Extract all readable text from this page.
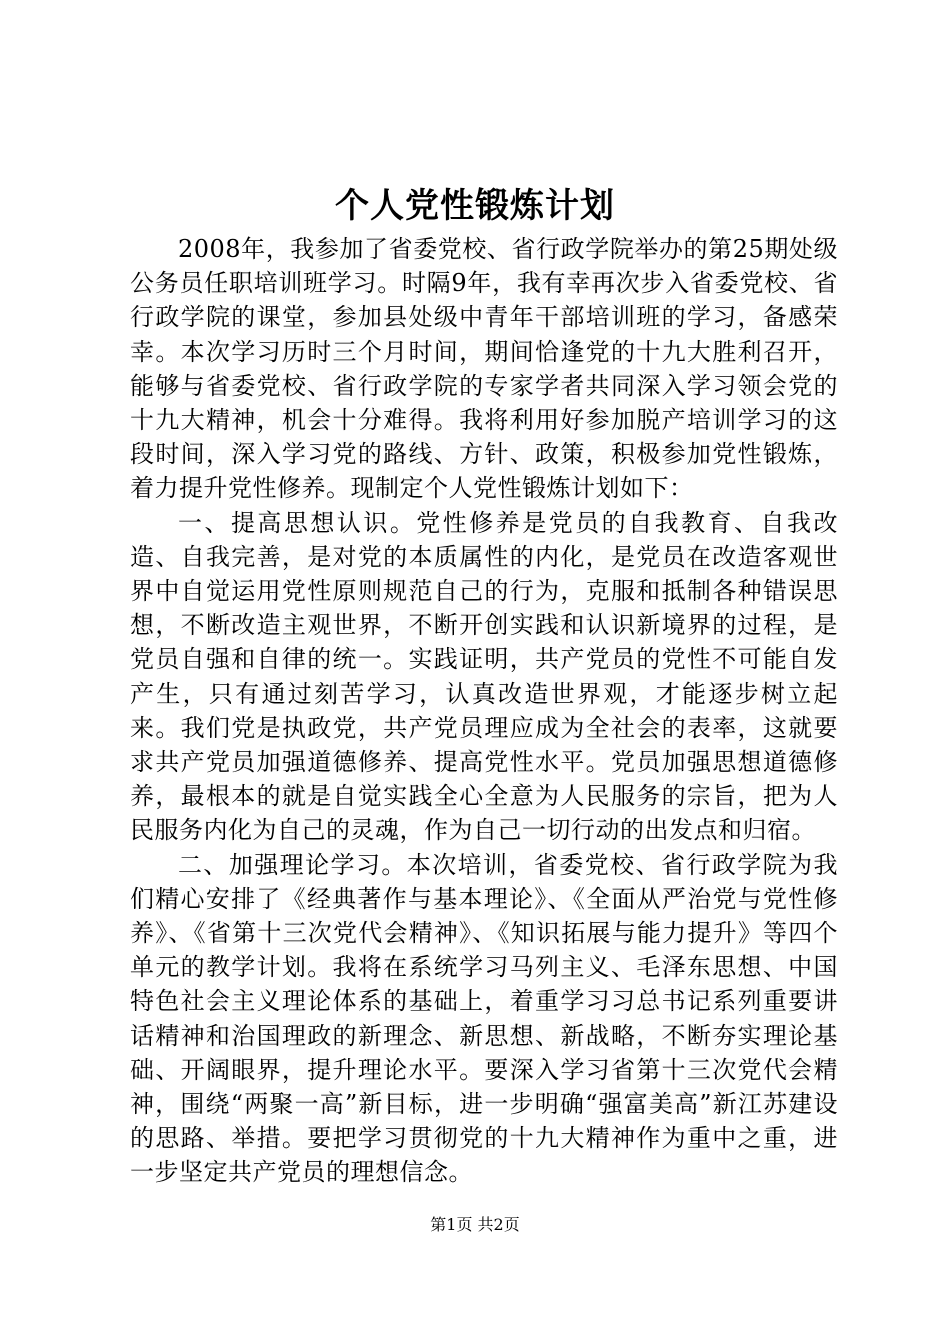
个人党性锻炼计划

2008年，我参加了省委党校、省行政学院举办的第25期处级公务员任职培训班学习。时隔9年，我有幸再次步入省委党校、省行政学院的课堂，参加县处级中青年干部培训班的学习，备感荣幸。本次学习历时三个月时间，期间恰逢党的十九大胜利召开，能够与省委党校、省行政学院的专家学者共同深入学习领会党的十九大精神，机会十分难得。我将利用好参加脱产培训学习的这段时间，深入学习党的路线、方针、政策，积极参加党性锻炼，着力提升党性修养。现制定个人党性锻炼计划如下：

一、提高思想认识。党性修养是党员的自我教育、自我改造、自我完善，是对党的本质属性的内化，是党员在改造客观世界中自觉运用党性原则规范自己的行为，克服和抵制各种错误思想，不断改造主观世界，不断开创实践和认识新境界的过程，是党员自强和自律的统一。实践证明，共产党员的党性不可能自发产生，只有通过刻苦学习，认真改造世界观，才能逐步树立起来。我们党是执政党，共产党员理应成为全社会的表率，这就要求共产党员加强道德修养、提高党性水平。党员加强思想道德修养，最根本的就是自觉实践全心全意为人民服务的宗旨，把为人民服务内化为自己的灵魂，作为自己一切行动的出发点和归宿。

二、加强理论学习。本次培训，省委党校、省行政学院为我们精心安排了《经典著作与基本理论》、《全面从严治党与党性修养》、《省第十三次党代会精神》、《知识拓展与能力提升》等四个单元的教学计划。我将在系统学习马列主义、毛泽东思想、中国特色社会主义理论体系的基础上，着重学习习总书记系列重要讲话精神和治国理政的新理念、新思想、新战略，不断夯实理论基础、开阔眼界，提升理论水平。要深入学习省第十三次党代会精神，围绕“两聚一高”新目标，进一步明确“强富美高”新江苏建设的思路、举措。要把学习贯彻党的十九大精神作为重中之重，进一步坚定共产党员的理想信念。

第1页 共2页
